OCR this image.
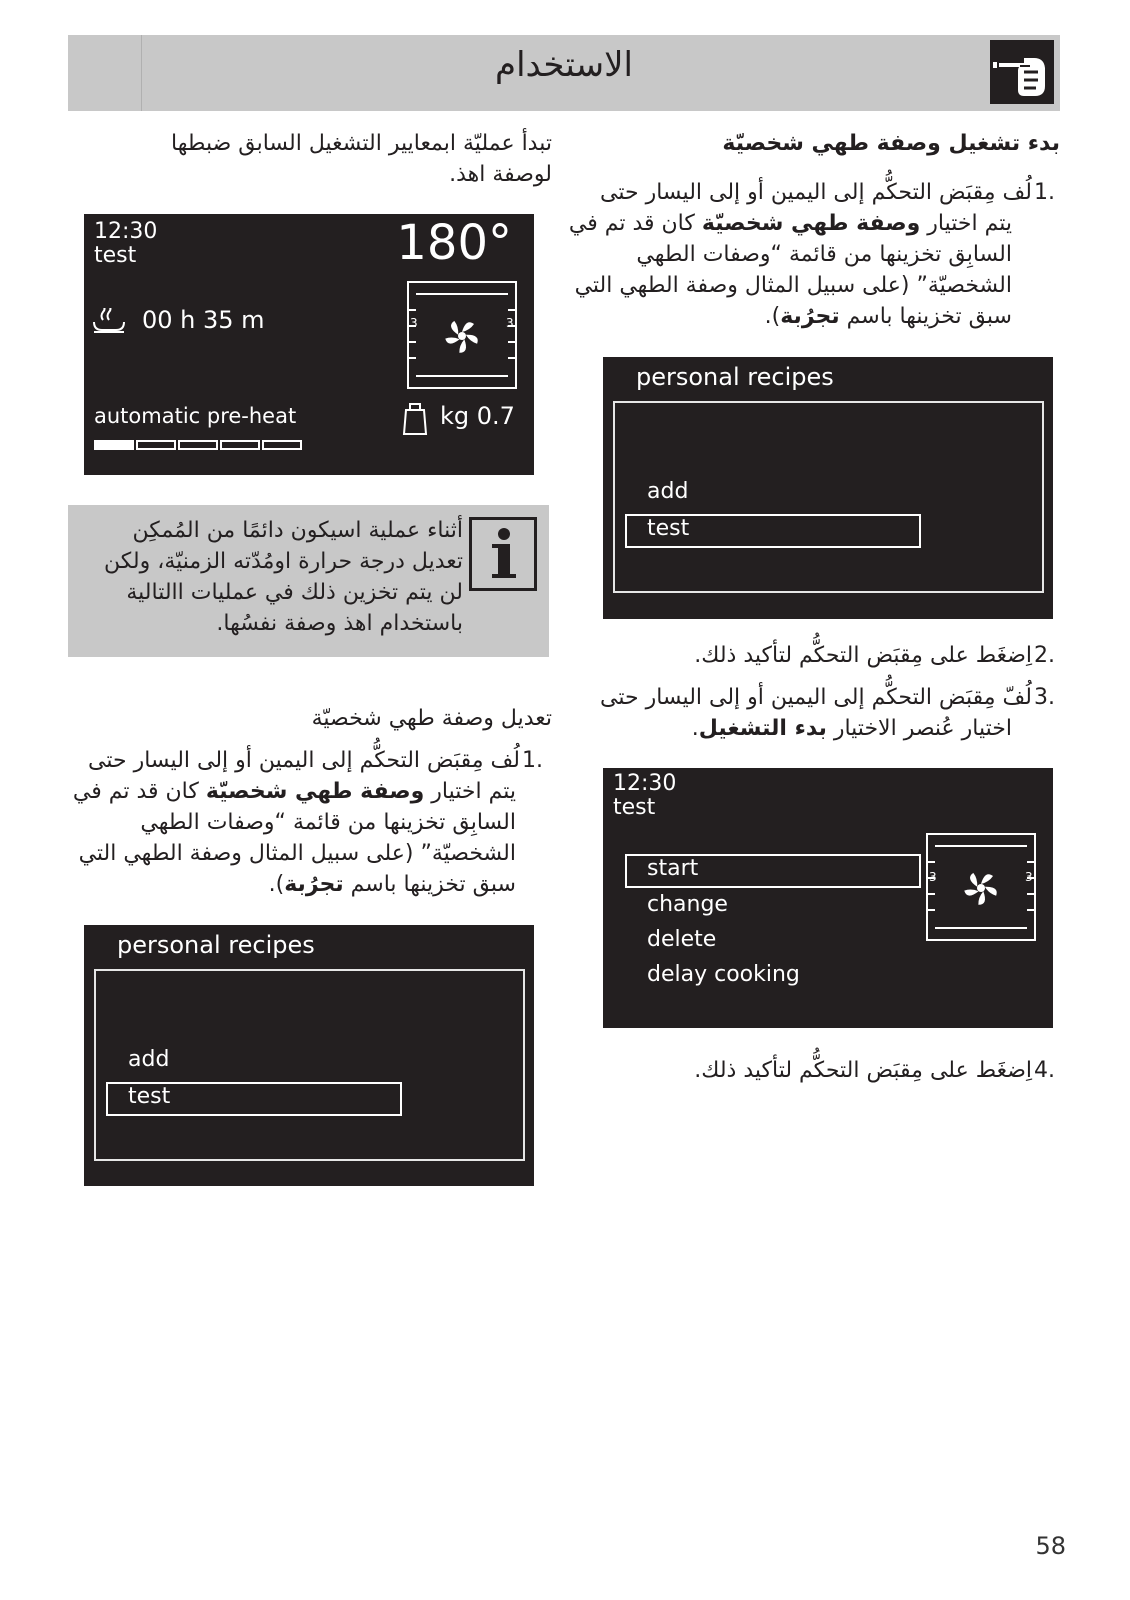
الاستخدام
بدء تشغيل وصفة طهي شخصيّة
1.
لُف مِقبَض التحكُّم إلى اليمين أو إلى اليسار حتى
يتم اختيار وصفة طهي شخصيّة كان قد تم في
السابِق تخزينها من قائمة “وصفات الطهي
الشخصيّة” (على سبيل المثال وصفة الطهي التي
سبق تخزينها باسم تجرُبة).
personal recipes
add
test
2.
اِضغَط على مِقبَض التحكُّم لتأكيد ذلك.
3.
لُفّ مِقبَض التحكُّم إلى اليمين أو إلى اليسار حتى
اختيار عُنصر الاختيار بدء التشغيل.
12:30
test
start
change
delete
delay cooking
3	3
4.
اِضغَط على مِقبَض التحكُّم لتأكيد ذلك.
تبدأ عمليّة ابمعايير التشغيل السابق ضبطها
لوصفة اهذ.
12:30
test	180°
00 h 35 m	3	3
automatic pre-heat	kg 0.7
أثناء عملية اسيكون دائمًا من المُمكِن
تعديل درجة حرارة اومُدّته الزمنيّة، ولكن
لن يتم تخزين ذلك في عمليات االتالية
باستخدام اهذ وصفة نفسُها.
تعديل وصفة طهي شخصيّة
1.
لُف مِقبَض التحكُّم إلى اليمين أو إلى اليسار حتى
يتم اختيار وصفة طهي شخصيّة كان قد تم في
السابِق تخزينها من قائمة “وصفات الطهي
الشخصيّة” (على سبيل المثال وصفة الطهي التي
سبق تخزينها باسم تجرُبة).
personal recipes
add
test
58
